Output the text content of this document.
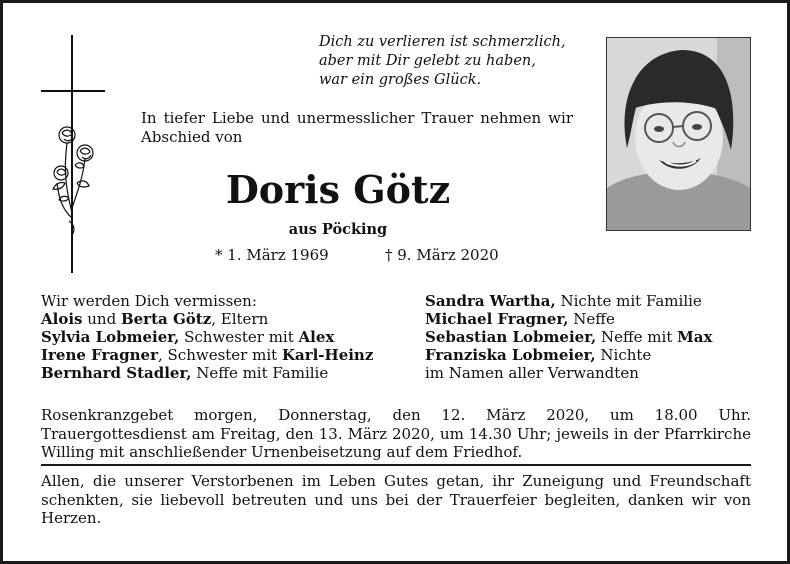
Dich zu verlieren ist schmerzlich,
aber mit Dir gelebt zu haben,
war ein großes Glück.
In tiefer Liebe und unermesslicher Trauer nehmen wir Abschied von
Doris Götz
aus Pöcking
* 1. März 1969	† 9. März 2020
Wir werden Dich vermissen:
Alois und Berta Götz, Eltern
Sylvia Lobmeier, Schwester mit Alex
Irene Fragner, Schwester mit Karl-Heinz
Bernhard Stadler, Neffe mit Familie
Sandra Wartha, Nichte mit Familie
Michael Fragner, Neffe
Sebastian Lobmeier, Neffe mit Max
Franziska Lobmeier, Nichte
im Namen aller Verwandten
Rosenkranzgebet morgen, Donnerstag, den 12. März 2020, um 18.00 Uhr. Trauergottesdienst am Freitag, den 13. März 2020, um 14.30 Uhr; jeweils in der Pfarrkirche Willing mit anschließender Urnenbeisetzung auf dem Friedhof.
Allen, die unserer Verstorbenen im Leben Gutes getan, ihr Zuneigung und Freundschaft schenkten, sie liebevoll betreuten und uns bei der Trauerfeier begleiten, danken wir von Herzen.
